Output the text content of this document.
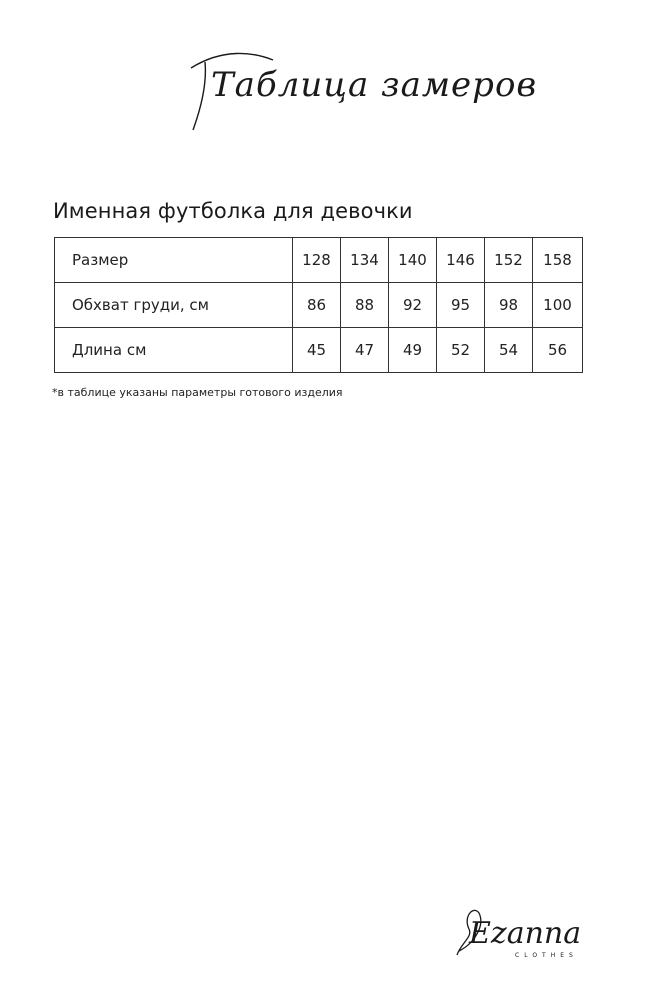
Таблица замеров
Именная футболка для девочки
Размер	128	134	140	146	152	158
Обхват груди, см	86	88	92	95	98	100
Длина см	45	47	49	52	54	56
*в таблице указаны параметры готового изделия
Ezanna
CLOTHES
